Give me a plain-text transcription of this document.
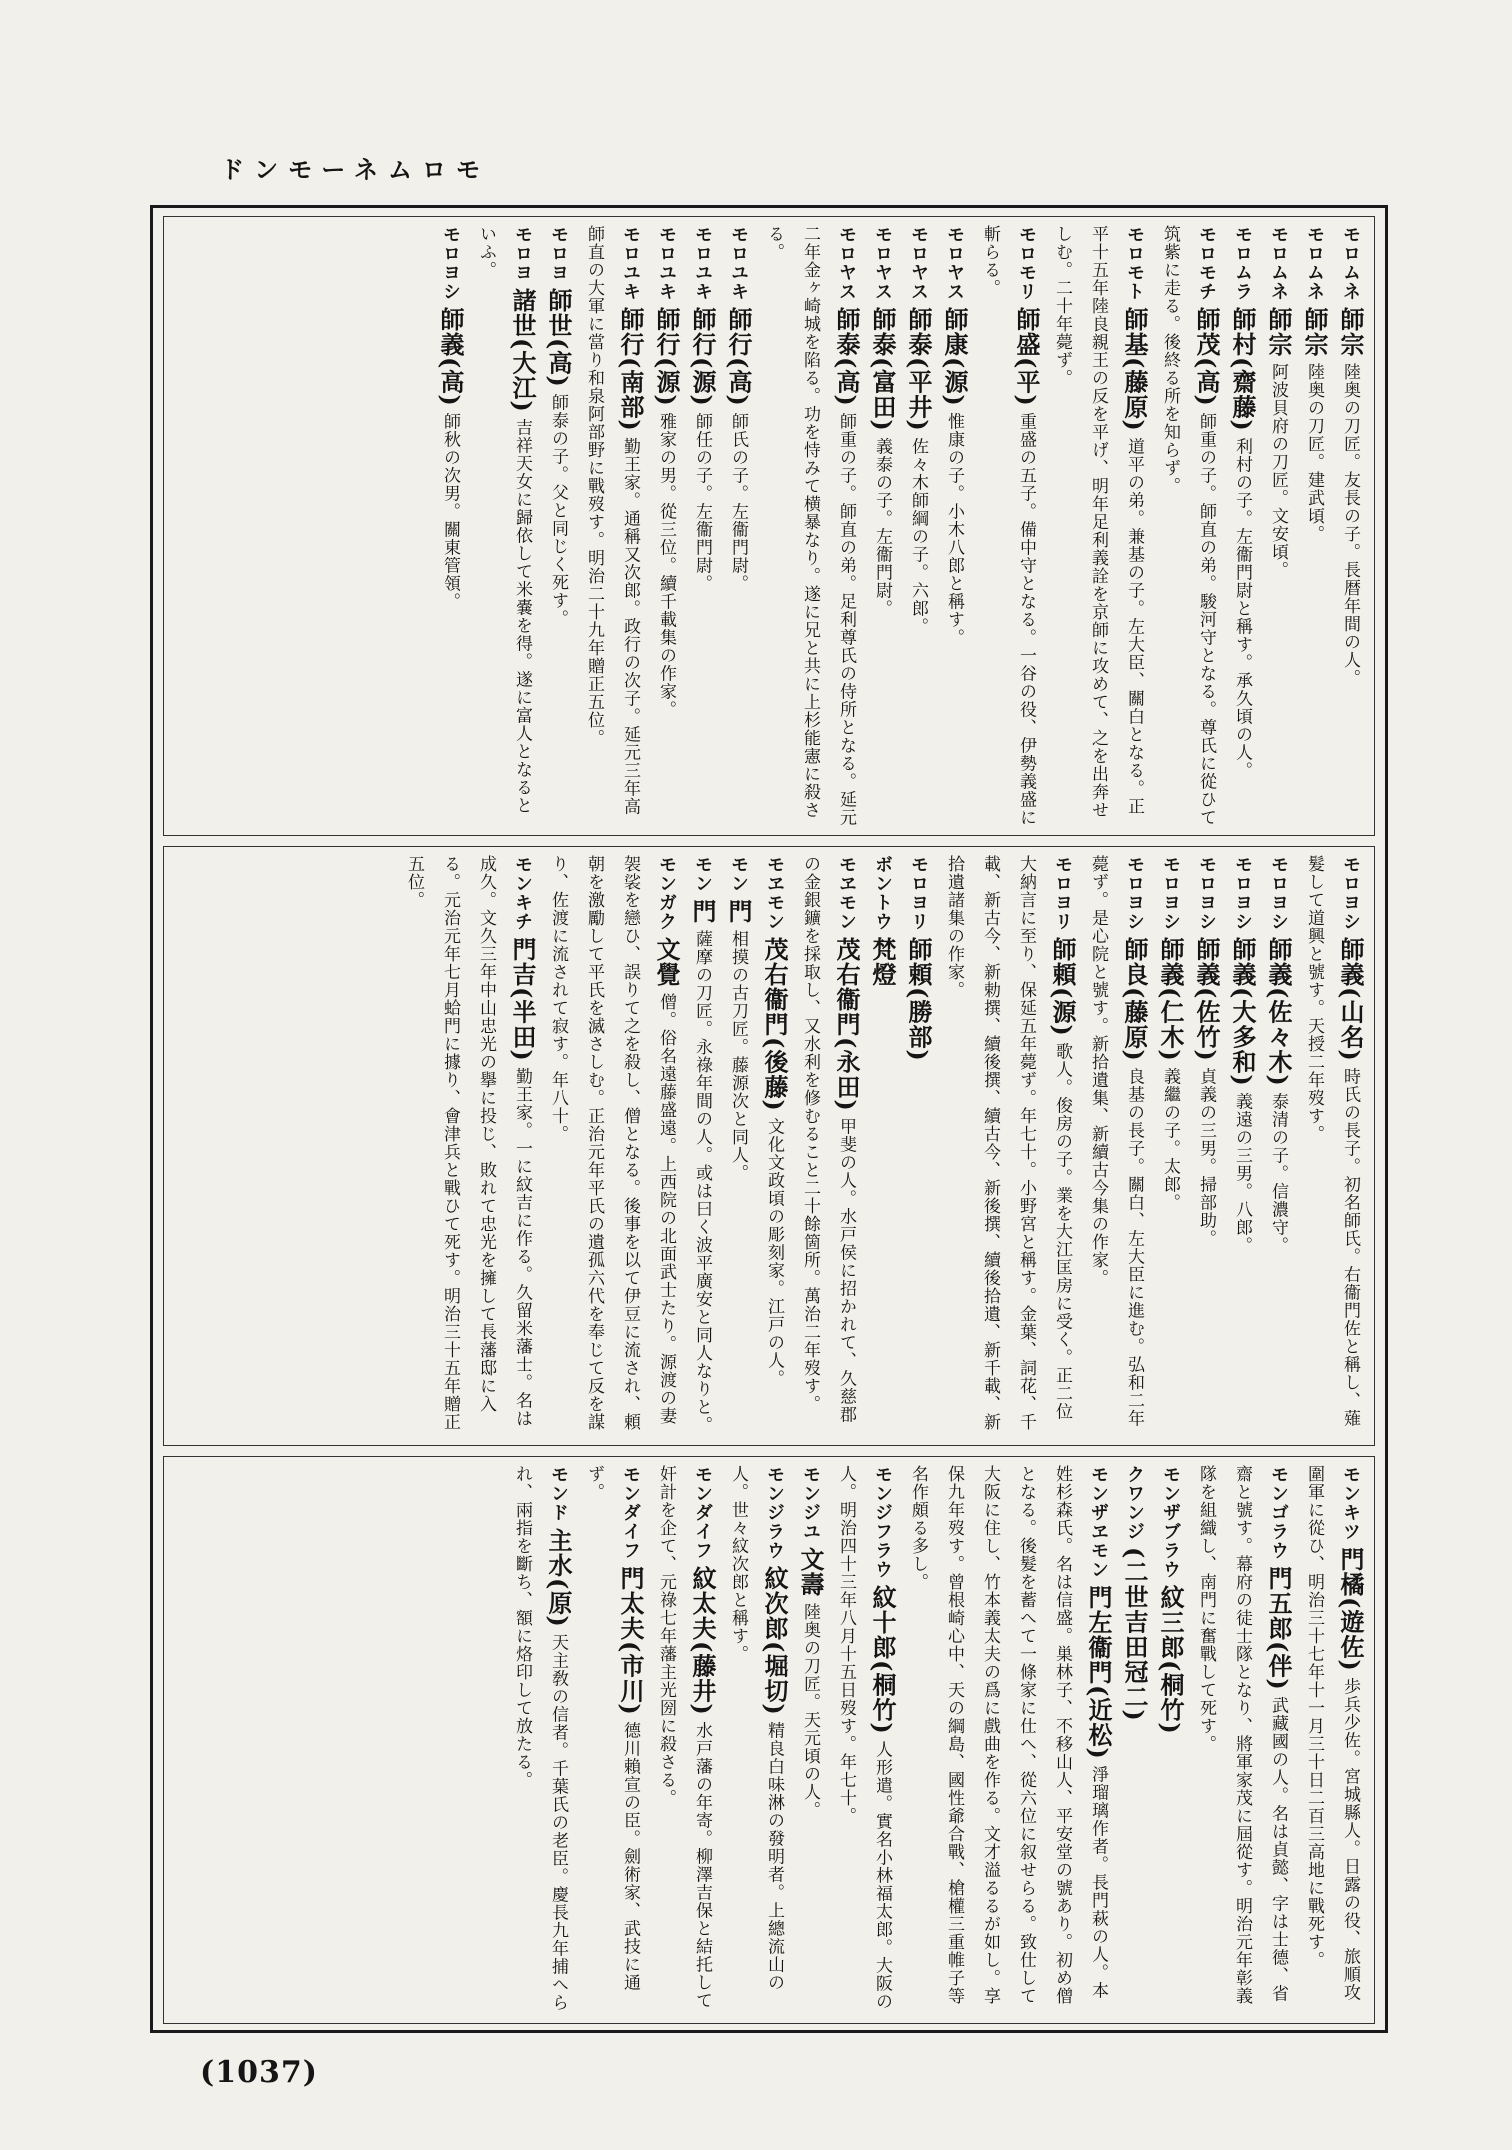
モロムネーモンド
モロムネ師宗陸奥の刀匠。友長の子。長暦年間の人。
モロムネ師宗陸奥の刀匠。建武頃。
モロムネ師宗阿波貝府の刀匠。文安頃。
モロムラ師村(齋藤)利村の子。左衞門尉と稱す。承久頃の人。
モロモチ師茂(高)師重の子。師直の弟。駿河守となる。尊氏に從ひて筑紫に走る。後終る所を知らず。
モロモト師基(藤原)道平の弟。兼基の子。左大臣、關白となる。正平十五年陸良親王の反を平げ、明年足利義詮を京師に攻めて、之を出奔せしむ。二十年薨ず。
モロモリ師盛(平)重盛の五子。備中守となる。一谷の役、伊勢義盛に斬らる。
モロヤス師康(源)惟康の子。小木八郎と稱す。
モロヤス師泰(平井)佐々木師綱の子。六郎。
モロヤス師泰(富田)義泰の子。左衞門尉。
モロヤス師泰(高)師重の子。師直の弟。足利尊氏の侍所となる。延元二年金ヶ崎城を陷る。功を恃みて横暴なり。遂に兄と共に上杉能憲に殺さる。
モロユキ師行(高)師氏の子。左衞門尉。
モロユキ師行(源)師任の子。左衞門尉。
モロユキ師行(源)雅家の男。從三位。續千載集の作家。
モロユキ師行(南部)勤王家。通稱又次郎。政行の次子。延元三年高師直の大軍に當り和泉阿部野に戰歿す。明治二十九年贈正五位。
モロヨ師世(高)師泰の子。父と同じく死す。
モロヨ諸世(大江)吉祥天女に歸依して米嚢を得。遂に富人となるといふ。
モロヨシ師義(高)師秋の次男。關東管領。
モロヨシ師義(山名)時氏の長子。初名師氏。右衞門佐と稱し、薙髮して道興と號す。天授二年歿す。
モロヨシ師義(佐々木)泰清の子。信濃守。
モロヨシ師義(大多和)義遠の三男。八郎。
モロヨシ師義(佐竹)貞義の三男。掃部助。
モロヨシ師義(仁木)義繼の子。太郎。
モロヨシ師良(藤原)良基の長子。關白、左大臣に進む。弘和二年薨ず。是心院と號す。新拾遺集、新續古今集の作家。
モロヨリ師頼(源)歌人。俊房の子。業を大江匡房に受く。正二位大納言に至り、保延五年薨ず。年七十。小野宮と稱す。金葉、詞花、千載、新古今、新勅撰、續後撰、續古今、新後撰、續後拾遺、新千載、新拾遺諸集の作家。
モロヨリ師頼(勝部)
ボントウ梵燈
モヱモン茂右衞門(永田)甲斐の人。水戸侯に招かれて、久慈郡の金銀鑛を採取し、又水利を修むること二十餘箇所。萬治二年歿す。
モヱモン茂右衞門(後藤)文化文政頃の彫刻家。江戸の人。
モン門相摸の古刀匠。藤源次と同人。
モン門薩摩の刀匠。永祿年間の人。或は曰く波平廣安と同人なりと。
モンガク文覺僧。俗名遠藤盛遠。上西院の北面武士たり。源渡の妻袈裟を戀ひ、誤りて之を殺し、僧となる。後事を以て伊豆に流され、頼朝を激勵して平氏を滅さしむ。正治元年平氏の遺孤六代を奉じて反を謀り、佐渡に流されて寂す。年八十。
モンキチ門吉(半田)勤王家。一に紋吉に作る。久留米藩士。名は成久。文久三年中山忠光の擧に投じ、敗れて忠光を擁して長藩邸に入る。元治元年七月蛤門に據り、會津兵と戰ひて死す。明治三十五年贈正五位。
モンキツ門橘(遊佐)歩兵少佐。宮城縣人。日露の役、旅順攻圍軍に從ひ、明治三十七年十一月三十日二百三高地に戰死す。
モンゴラウ門五郎(伴)武藏國の人。名は貞懿、字は士德、省齋と號す。幕府の徒士隊となり、將軍家茂に屆從す。明治元年彰義隊を組織し、南門に奮戰して死す。
モンザブラウ紋三郎(桐竹)
クワンジ(二世吉田冠二)
モンザヱモン門左衞門(近松)淨瑠璃作者。長門萩の人。本姓杉森氏。名は信盛。巣林子、不移山人、平安堂の號あり。初め僧となる。後髮を蓄へて一條家に仕へ、從六位に叙せらる。致仕して大阪に住し、竹本義太夫の爲に戲曲を作る。文才溢るるが如し。享保九年歿す。曾根崎心中、天の綱島、國性爺合戰、槍權三重帷子等名作頗る多し。
モンジフラウ紋十郎(桐竹)人形遣。實名小林福太郎。大阪の人。明治四十三年八月十五日歿す。年七十。
モンジユ文壽陸奥の刀匠。天元頃の人。
モンジラウ紋次郎(堀切)精良白味淋の發明者。上總流山の人。世々紋次郎と稱す。
モンダイフ紋太夫(藤井)水戸藩の年寄。柳澤吉保と結托して奸計を企て、元祿七年藩主光圀に殺さる。
モンダイフ門太夫(市川)德川賴宣の臣。劍術家、武技に通ず。
モンド主水(原)天主敎の信者。千葉氏の老臣。慶長九年捕へられ、兩指を斷ち、額に烙印して放たる。
(1037)
